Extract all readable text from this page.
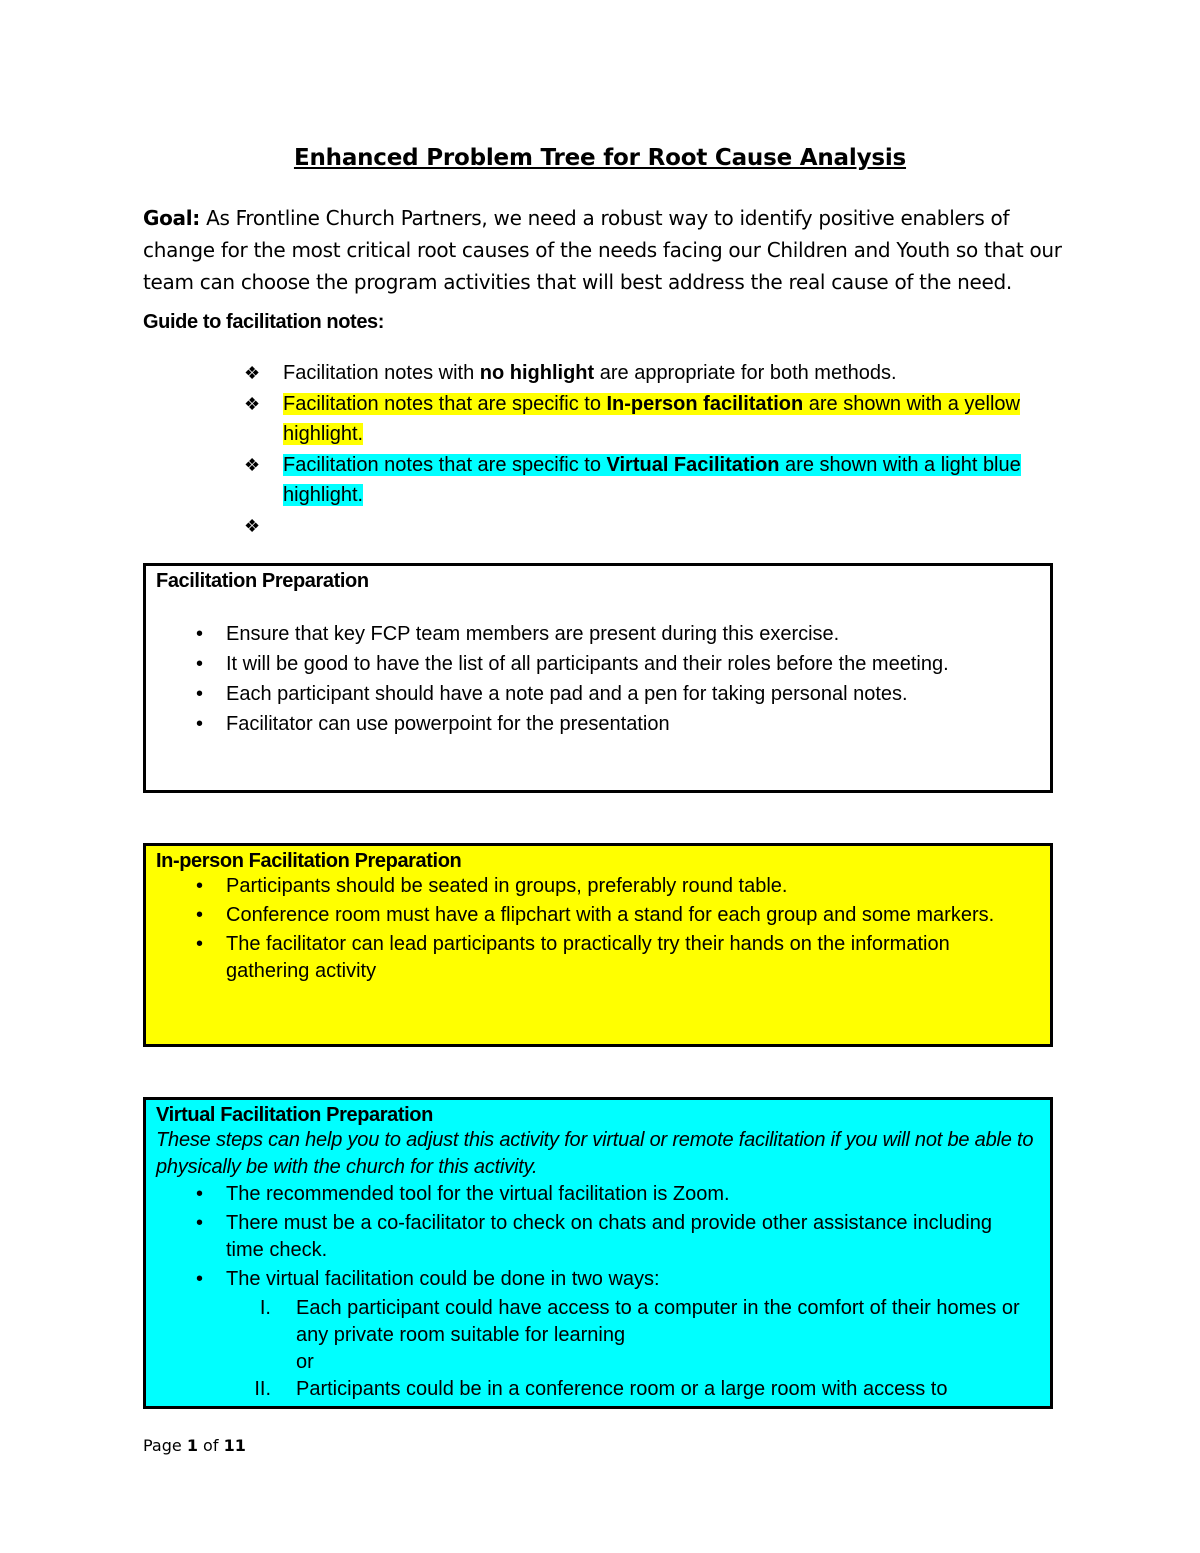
Enhanced Problem Tree for Root Cause Analysis
Goal: As Frontline Church Partners, we need a robust way to identify positive enablers of change for the most critical root causes of the needs facing our Children and Youth so that our team can choose the program activities that will best address the real cause of the need.
Guide to facilitation notes:
❖ Facilitation notes with no highlight are appropriate for both methods.
❖ Facilitation notes that are specific to In-person facilitation are shown with a yellow highlight.
❖ Facilitation notes that are specific to Virtual Facilitation are shown with a light blue highlight.
❖

Facilitation Preparation
• Ensure that key FCP team members are present during this exercise.
• It will be good to have the list of all participants and their roles before the meeting.
• Each participant should have a note pad and a pen for taking personal notes.
• Facilitator can use powerpoint for the presentation
In-person Facilitation Preparation
• Participants should be seated in groups, preferably round table.
• Conference room must have a flipchart with a stand for each group and some markers.
• The facilitator can lead participants to practically try their hands on the information gathering activity
Virtual Facilitation Preparation
These steps can help you to adjust this activity for virtual or remote facilitation if you will not be able to physically be with the church for this activity.
• The recommended tool for the virtual facilitation is Zoom.
• There must be a co-facilitator to check on chats and provide other assistance including time check.
• The virtual facilitation could be done in two ways:
I. Each participant could have access to a computer in the comfort of their homes or any private room suitable for learning
or
II. Participants could be in a conference room or a large room with access to
Page 1 of 11
